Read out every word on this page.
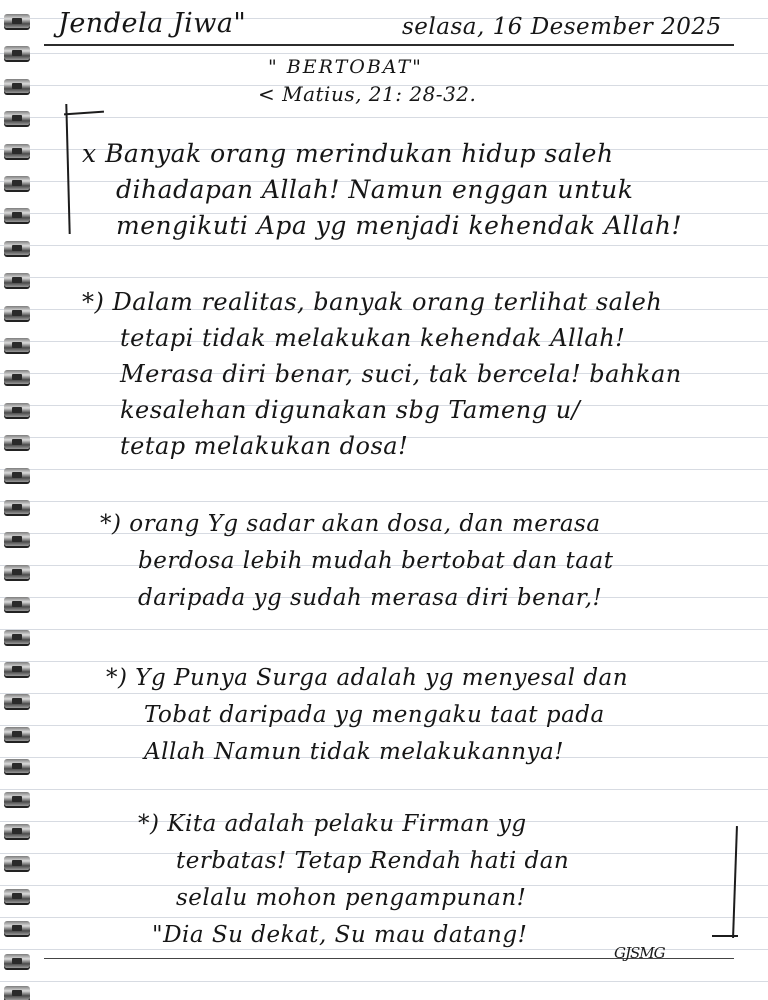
Jendela Jiwa"	selasa, 16 Desember 2025

" BERTOBAT"

< Matius, 21: 28-32.

x Banyak orang merindukan hidup saleh
dihadapan Allah! Namun enggan untuk
mengikuti Apa yg menjadi kehendak Allah!
*) Dalam realitas, banyak orang terlihat saleh
tetapi tidak melakukan kehendak Allah!
Merasa diri benar, suci, tak bercela! bahkan
kesalehan digunakan sbg Tameng u/
tetap melakukan dosa!
*) orang Yg sadar akan dosa, dan merasa
berdosa lebih mudah bertobat dan taat
daripada yg sudah merasa diri benar,!
*) Yg Punya Surga adalah yg menyesal dan
Tobat daripada yg mengaku taat pada
Allah Namun tidak melakukannya!
*) Kita adalah pelaku Firman yg
terbatas! Tetap Rendah hati dan
selalu mohon pengampunan!
"Dia Su dekat, Su mau datang!
GJSMG
